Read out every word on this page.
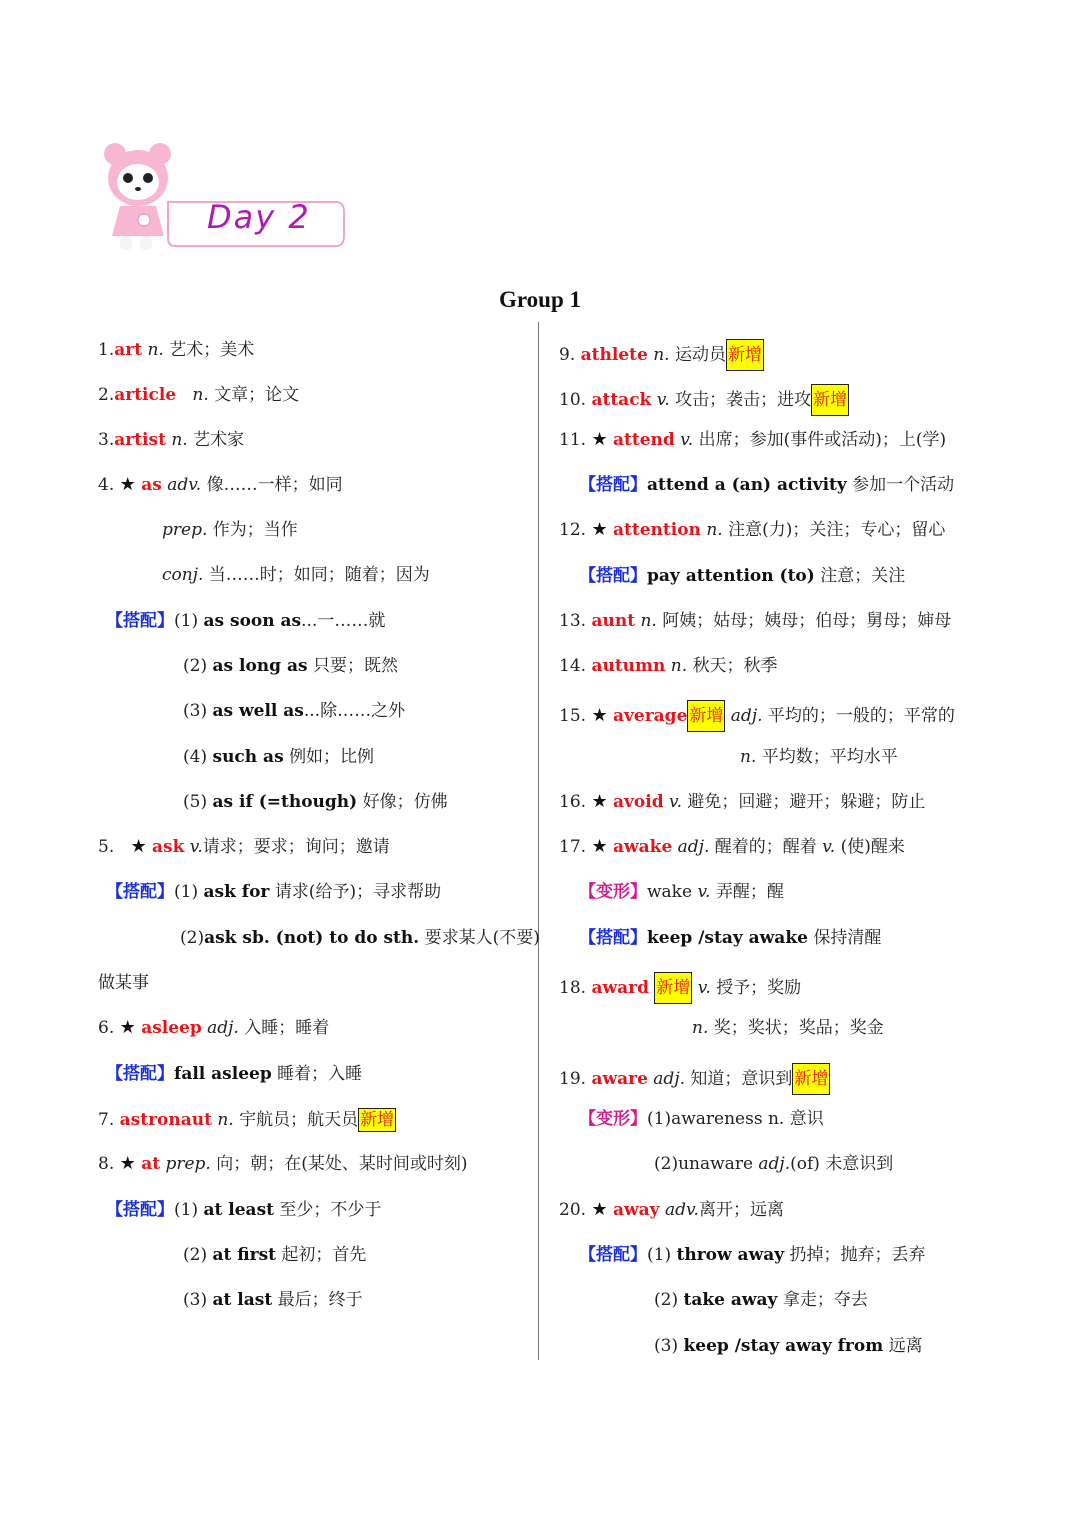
Day 2
Group 1
1.art n. 艺术；美术
2.article n. 文章；论文
3.artist n. 艺术家
4. ★ as adv. 像……一样；如同
prep. 作为；当作
conj. 当……时；如同；随着；因为
【搭配】(1) as soon as...一……就
(2) as long as 只要；既然
(3) as well as...除……之外
(4) such as 例如；比例
(5) as if (=though) 好像；仿佛
5. ★ ask v.请求；要求；询问；邀请
【搭配】(1) ask for 请求(给予)；寻求帮助
(2)ask sb. (not) to do sth. 要求某人(不要)
做某事
6. ★ asleep adj. 入睡；睡着
【搭配】fall asleep 睡着；入睡
7. astronaut n. 宇航员；航天员 新增
8. ★ at prep. 向；朝；在(某处、某时间或时刻)
【搭配】(1) at least 至少；不少于
(2) at first 起初；首先
(3) at last 最后；终于
9. athlete n. 运动员 新增
10. attack v. 攻击；袭击；进攻 新增
11. ★ attend v. 出席；参加(事件或活动)；上(学)
【搭配】attend a (an) activity 参加一个活动
12. ★ attention n. 注意(力)；关注；专心；留心
【搭配】pay attention (to) 注意；关注
13. aunt n. 阿姨；姑母；姨母；伯母；舅母；婶母
14. autumn n. 秋天；秋季
15. ★ average 新增 adj. 平均的；一般的；平常的
n. 平均数；平均水平
16. ★ avoid v. 避免；回避；避开；躲避；防止
17. ★ awake adj. 醒着的；醒着 v. (使)醒来
【变形】wake v. 弄醒；醒
【搭配】keep /stay awake 保持清醒
18. award 新增 v. 授予；奖励
n. 奖；奖状；奖品；奖金
19. aware adj. 知道；意识到 新增
【变形】(1)awareness n. 意识
(2)unaware adj.(of) 未意识到
20. ★ away adv.离开；远离
【搭配】(1) throw away 扔掉；抛弃；丢弃
(2) take away 拿走；夺去
(3) keep /stay away from 远离
